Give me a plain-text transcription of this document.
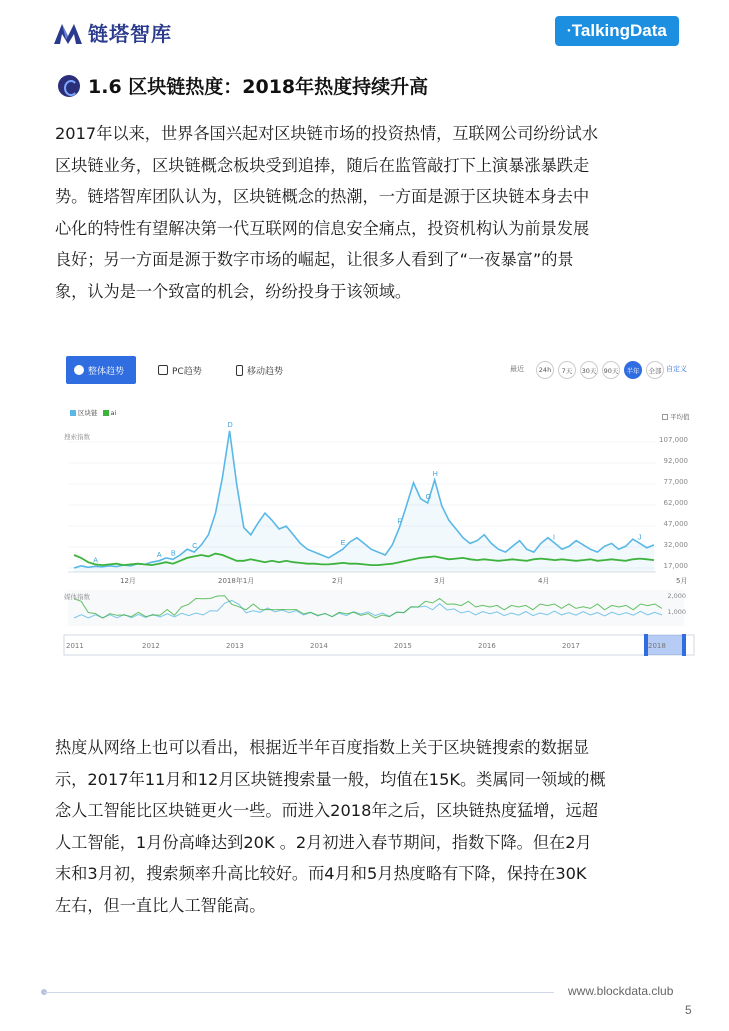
链塔智库	● TalkingData
1.6 区块链热度：2018年热度持续升高
2017年以来，世界各国兴起对区块链市场的投资热情，互联网公司纷纷试水
区块链业务，区块链概念板块受到追捧，随后在监管敲打下上演暴涨暴跌走
势。链塔智库团队认为，区块链概念的热潮，一方面是源于区块链本身去中
心化的特性有望解决第一代互联网的信息安全痛点，投资机构认为前景发展
良好；另一方面是源于数字市场的崛起，让很多人看到了“一夜暴富”的景
象，认为是一个致富的机会，纷纷投身于该领域。
整体趋势	PC趋势	移动趋势	最近	24h	7天	30天 90天	半年	全部 自定义
区块链 ai
平均值
搜索指数
A
A B
C
D
E
F
G
H
I	J
107,000
92,000
77,000
62,000
47,000
32,000
17,000
12月	2018年1月	2月	3月	4月	5月
媒体指数	2,000
1,000
2011	2012	2013	2014	2015	2016	2017	2018
热度从网络上也可以看出，根据近半年百度指数上关于区块链搜索的数据显
示，2017年11月和12月区块链搜索量一般，均值在15K。类属同一领域的概
念人工智能比区块链更火一些。而进入2018年之后，区块链热度猛增，远超
人工智能，1月份高峰达到20K 。2月初进入春节期间，指数下降。但在2月
末和3月初，搜索频率升高比较好。而4月和5月热度略有下降，保持在30K
左右，但一直比人工智能高。
www.blockdata.club
5
